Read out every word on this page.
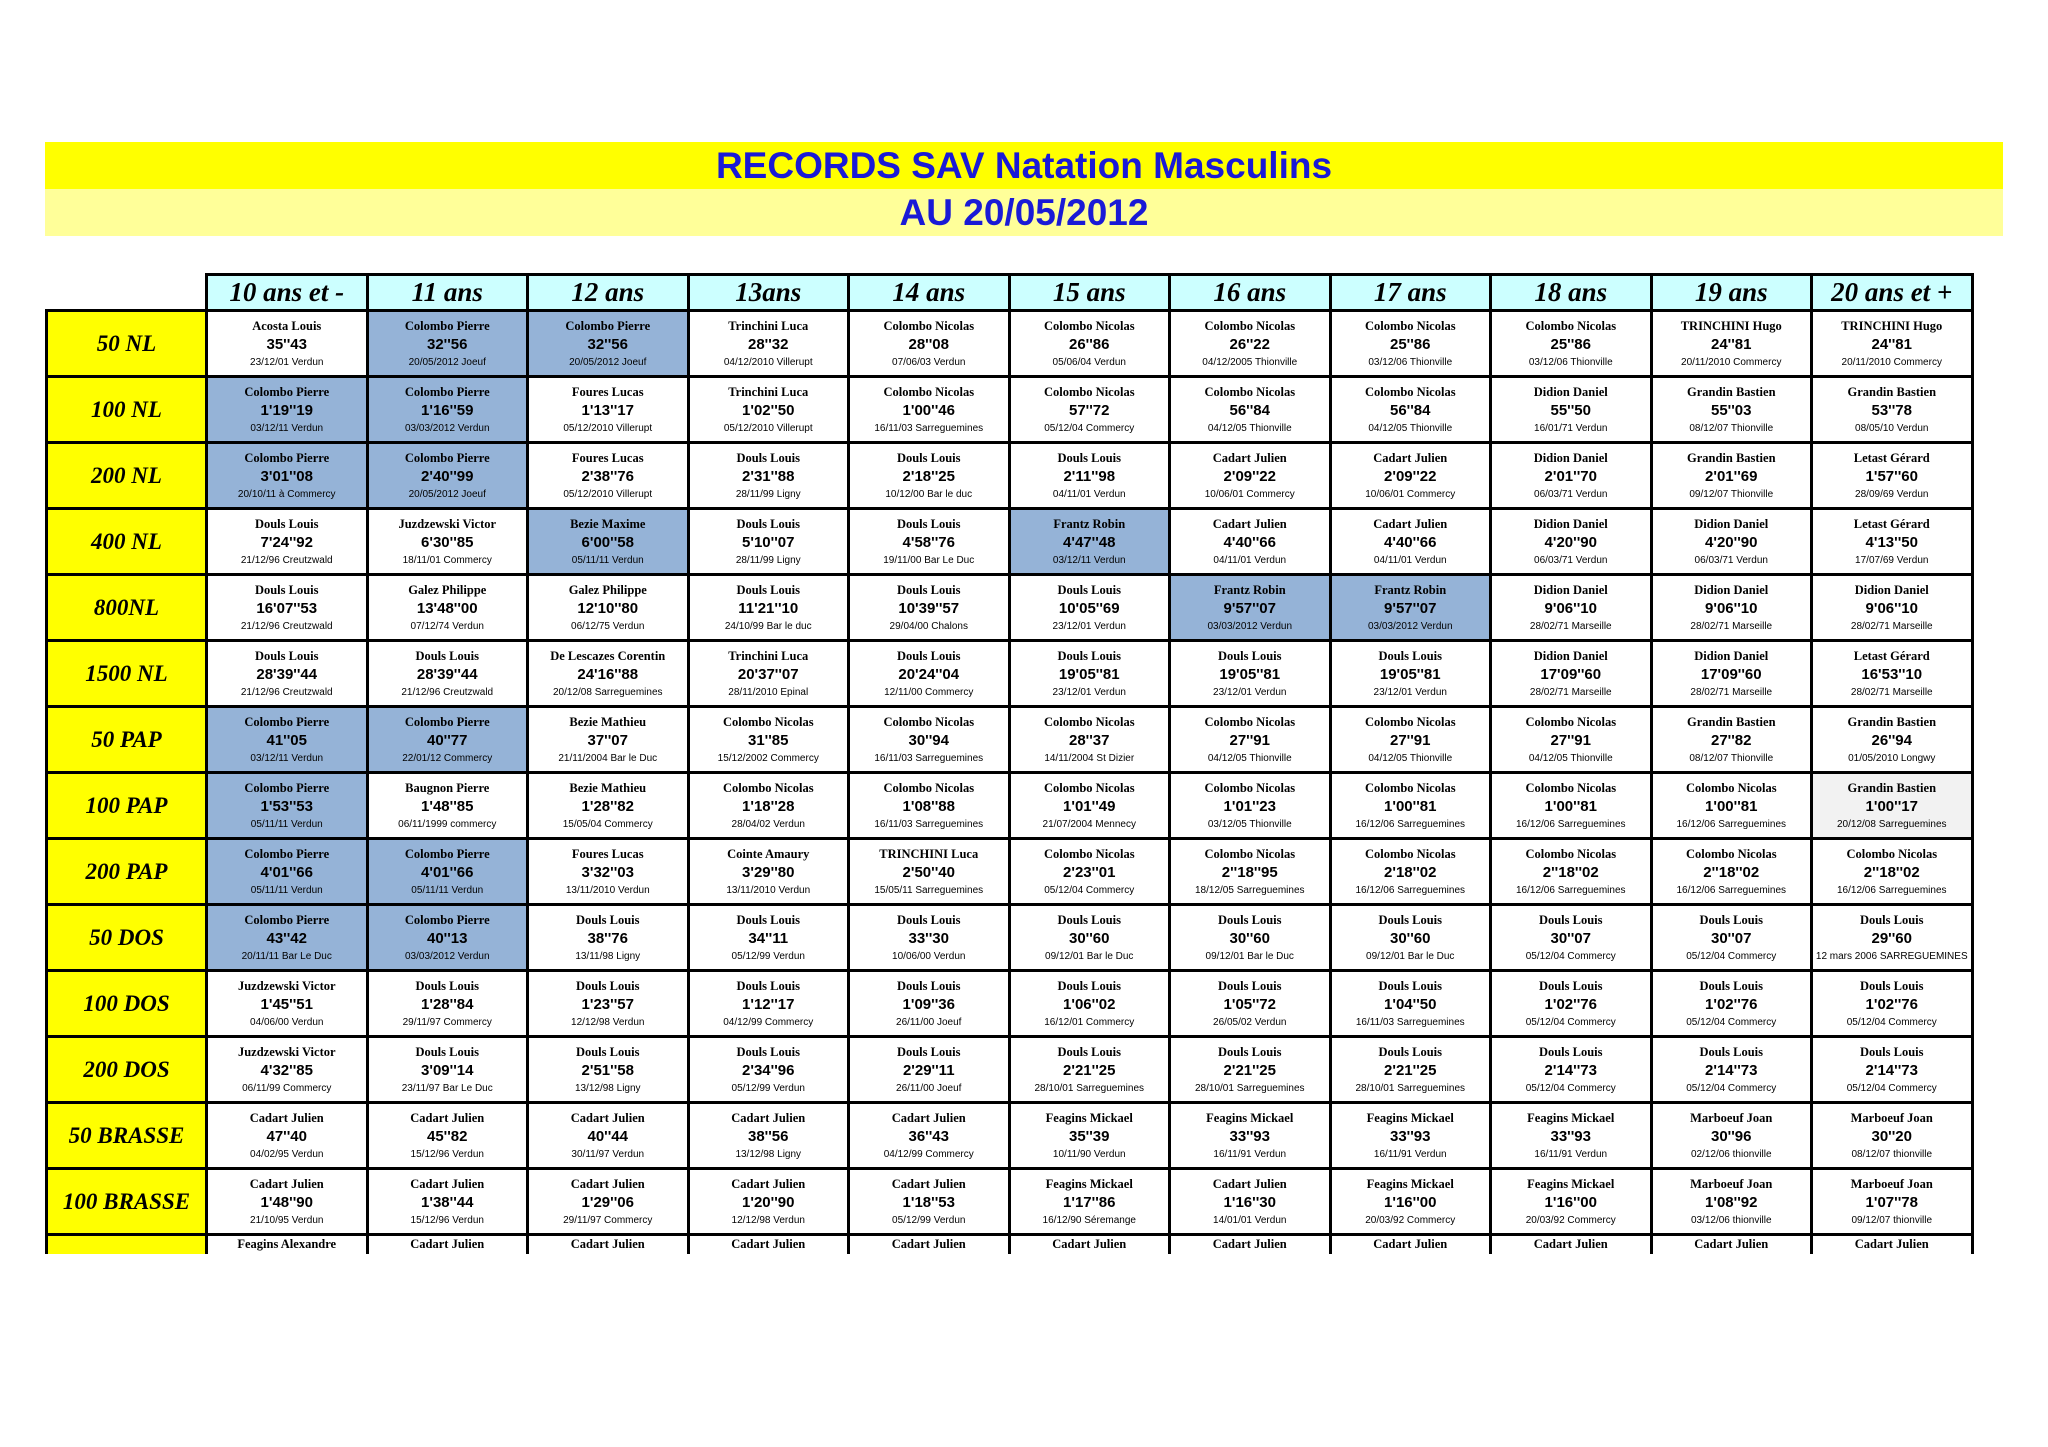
RECORDS SAV Natation Masculins
AU 20/05/2012
	10 ans et -	11 ans	12 ans	13ans	14 ans	15 ans	16 ans	17 ans	18 ans	19 ans	20 ans et +
50 NL	Acosta Louis
35''43
23/12/01 Verdun	Colombo Pierre
32''56
20/05/2012 Joeuf	Colombo Pierre
32''56
20/05/2012 Joeuf	Trinchini Luca
28''32
04/12/2010 Villerupt	Colombo Nicolas
28''08
07/06/03 Verdun	Colombo Nicolas
26''86
05/06/04 Verdun	Colombo Nicolas
26''22
04/12/2005 Thionville	Colombo Nicolas
25''86
03/12/06 Thionville	Colombo Nicolas
25''86
03/12/06 Thionville	TRINCHINI Hugo
24''81
20/11/2010 Commercy	TRINCHINI Hugo
24''81
20/11/2010 Commercy

100 NL	Colombo Pierre
1'19''19
03/12/11 Verdun	Colombo Pierre
1'16''59
03/03/2012 Verdun	Foures Lucas
1'13''17
05/12/2010 Villerupt	Trinchini Luca
1'02''50
05/12/2010 Villerupt	Colombo Nicolas
1'00''46
16/11/03 Sarreguemines	Colombo Nicolas
57''72
05/12/04 Commercy	Colombo Nicolas
56''84
04/12/05 Thionville	Colombo Nicolas
56''84
04/12/05 Thionville	Didion Daniel
55''50
16/01/71 Verdun	Grandin Bastien
55''03
08/12/07 Thionville	Grandin Bastien
53''78
08/05/10 Verdun

200 NL	Colombo Pierre
3'01''08
20/10/11 à Commercy	Colombo Pierre
2'40''99
20/05/2012 Joeuf	Foures Lucas
2'38''76
05/12/2010 Villerupt	Douls Louis
2'31''88
28/11/99 Ligny	Douls Louis
2'18''25
10/12/00 Bar le duc	Douls Louis
2'11''98
04/11/01 Verdun	Cadart Julien
2'09''22
10/06/01 Commercy	Cadart Julien
2'09''22
10/06/01 Commercy	Didion Daniel
2'01''70
06/03/71 Verdun	Grandin Bastien
2'01''69
09/12/07 Thionville	Letast Gérard
1'57''60
28/09/69 Verdun

400 NL	Douls Louis
7'24''92
21/12/96 Creutzwald	Juzdzewski Victor
6'30''85
18/11/01 Commercy	Bezie Maxime
6'00''58
05/11/11 Verdun	Douls Louis
5'10''07
28/11/99 Ligny	Douls Louis
4'58''76
19/11/00 Bar Le Duc	Frantz Robin
4'47''48
03/12/11 Verdun	Cadart Julien
4'40''66
04/11/01 Verdun	Cadart Julien
4'40''66
04/11/01 Verdun	Didion Daniel
4'20''90
06/03/71 Verdun	Didion Daniel
4'20''90
06/03/71 Verdun	Letast Gérard
4'13''50
17/07/69 Verdun

800NL	Douls Louis
16'07''53
21/12/96 Creutzwald	Galez Philippe
13'48''00
07/12/74 Verdun	Galez Philippe
12'10''80
06/12/75 Verdun	Douls Louis
11'21''10
24/10/99 Bar le duc	Douls Louis
10'39''57
29/04/00 Chalons	Douls Louis
10'05''69
23/12/01 Verdun	Frantz Robin
9'57''07
03/03/2012 Verdun	Frantz Robin
9'57''07
03/03/2012 Verdun	Didion Daniel
9'06''10
28/02/71 Marseille	Didion Daniel
9'06''10
28/02/71 Marseille	Didion Daniel
9'06''10
28/02/71 Marseille

1500 NL	Douls Louis
28'39''44
21/12/96 Creutzwald	Douls Louis
28'39''44
21/12/96 Creutzwald	De Lescazes Corentin
24'16''88
20/12/08 Sarreguemines	Trinchini Luca
20'37''07
28/11/2010 Epinal	Douls Louis
20'24''04
12/11/00 Commercy	Douls Louis
19'05''81
23/12/01 Verdun	Douls Louis
19'05''81
23/12/01 Verdun	Douls Louis
19'05''81
23/12/01 Verdun	Didion Daniel
17'09''60
28/02/71 Marseille	Didion Daniel
17'09''60
28/02/71 Marseille	Letast Gérard
16'53''10
28/02/71 Marseille

50 PAP	Colombo Pierre
41''05
03/12/11 Verdun	Colombo Pierre
40''77
22/01/12 Commercy	Bezie Mathieu
37''07
21/11/2004 Bar le Duc	Colombo Nicolas
31''85
15/12/2002 Commercy	Colombo Nicolas
30''94
16/11/03 Sarreguemines	Colombo Nicolas
28''37
14/11/2004 St Dizier	Colombo Nicolas
27''91
04/12/05 Thionville	Colombo Nicolas
27''91
04/12/05 Thionville	Colombo Nicolas
27''91
04/12/05 Thionville	Grandin Bastien
27''82
08/12/07 Thionville	Grandin Bastien
26''94
01/05/2010 Longwy

100 PAP	Colombo Pierre
1'53''53
05/11/11 Verdun	Baugnon Pierre
1'48''85
06/11/1999 commercy	Bezie Mathieu
1'28''82
15/05/04 Commercy	Colombo Nicolas
1'18''28
28/04/02 Verdun	Colombo Nicolas
1'08''88
16/11/03 Sarreguemines	Colombo Nicolas
1'01''49
21/07/2004 Mennecy	Colombo Nicolas
1'01''23
03/12/05 Thionville	Colombo Nicolas
1'00''81
16/12/06 Sarreguemines	Colombo Nicolas
1'00''81
16/12/06 Sarreguemines	Colombo Nicolas
1'00''81
16/12/06 Sarreguemines	Grandin Bastien
1'00''17
20/12/08 Sarreguemines

200 PAP	Colombo Pierre
4'01''66
05/11/11 Verdun	Colombo Pierre
4'01''66
05/11/11 Verdun	Foures Lucas
3'32''03
13/11/2010 Verdun	Cointe Amaury
3'29''80
13/11/2010 Verdun	TRINCHINI Luca
2'50''40
15/05/11 Sarreguemines	Colombo Nicolas
2'23''01
05/12/04 Commercy	Colombo Nicolas
2''18''95
18/12/05 Sarreguemines	Colombo Nicolas
2'18''02
16/12/06 Sarreguemines	Colombo Nicolas
2''18''02
16/12/06 Sarreguemines	Colombo Nicolas
2''18''02
16/12/06 Sarreguemines	Colombo Nicolas
2''18''02
16/12/06 Sarreguemines

50 DOS	Colombo Pierre
43''42
20/11/11 Bar Le Duc	Colombo Pierre
40''13
03/03/2012 Verdun	Douls Louis
38''76
13/11/98 Ligny	Douls Louis
34''11
05/12/99 Verdun	Douls Louis
33''30
10/06/00 Verdun	Douls Louis
30''60
09/12/01 Bar le Duc	Douls Louis
30''60
09/12/01 Bar le Duc	Douls Louis
30''60
09/12/01 Bar le Duc	Douls Louis
30''07
05/12/04 Commercy	Douls Louis
30''07
05/12/04 Commercy	Douls Louis
29''60
12 mars 2006 SARREGUEMINES

100 DOS	Juzdzewski Victor
1'45''51
04/06/00 Verdun	Douls Louis
1'28''84
29/11/97 Commercy	Douls Louis
1'23''57
12/12/98 Verdun	Douls Louis
1'12''17
04/12/99 Commercy	Douls Louis
1'09''36
26/11/00 Joeuf	Douls Louis
1'06''02
16/12/01 Commercy	Douls Louis
1'05''72
26/05/02 Verdun	Douls Louis
1'04''50
16/11/03 Sarreguemines	Douls Louis
1'02''76
05/12/04 Commercy	Douls Louis
1'02''76
05/12/04 Commercy	Douls Louis
1'02''76
05/12/04 Commercy

200 DOS	Juzdzewski Victor
4'32''85
06/11/99 Commercy	Douls Louis
3'09''14
23/11/97 Bar Le Duc	Douls Louis
2'51''58
13/12/98 Ligny	Douls Louis
2'34''96
05/12/99 Verdun	Douls Louis
2'29''11
26/11/00 Joeuf	Douls Louis
2'21''25
28/10/01 Sarreguemines	Douls Louis
2'21''25
28/10/01 Sarreguemines	Douls Louis
2'21''25
28/10/01 Sarreguemines	Douls Louis
2'14''73
05/12/04 Commercy	Douls Louis
2'14''73
05/12/04 Commercy	Douls Louis
2'14''73
05/12/04 Commercy

50 BRASSE	Cadart Julien
47''40
04/02/95 Verdun	Cadart Julien
45''82
15/12/96 Verdun	Cadart Julien
40''44
30/11/97 Verdun	Cadart Julien
38''56
13/12/98 Ligny	Cadart Julien
36''43
04/12/99 Commercy	Feagins Mickael
35''39
10/11/90 Verdun	Feagins Mickael
33''93
16/11/91 Verdun	Feagins Mickael
33''93
16/11/91 Verdun	Feagins Mickael
33''93
16/11/91 Verdun	Marboeuf Joan
30''96
02/12/06 thionville	Marboeuf Joan
30''20
08/12/07 thionville

100 BRASSE	Cadart Julien
1'48''90
21/10/95 Verdun	Cadart Julien
1'38''44
15/12/96 Verdun	Cadart Julien
1'29''06
29/11/97 Commercy	Cadart Julien
1'20''90
12/12/98 Verdun	Cadart Julien
1'18''53
05/12/99 Verdun	Feagins Mickael
1'17''86
16/12/90 Séremange	Cadart Julien
1'16''30
14/01/01 Verdun	Feagins Mickael
1'16''00
20/03/92 Commercy	Feagins Mickael
1'16''00
20/03/92 Commercy	Marboeuf Joan
1'08''92
03/12/06 thionville	Marboeuf Joan
1'07''78
09/12/07 thionville

	Feagins Alexandre	Cadart Julien	Cadart Julien	Cadart Julien	Cadart Julien	Cadart Julien	Cadart Julien	Cadart Julien	Cadart Julien	Cadart Julien	Cadart Julien
